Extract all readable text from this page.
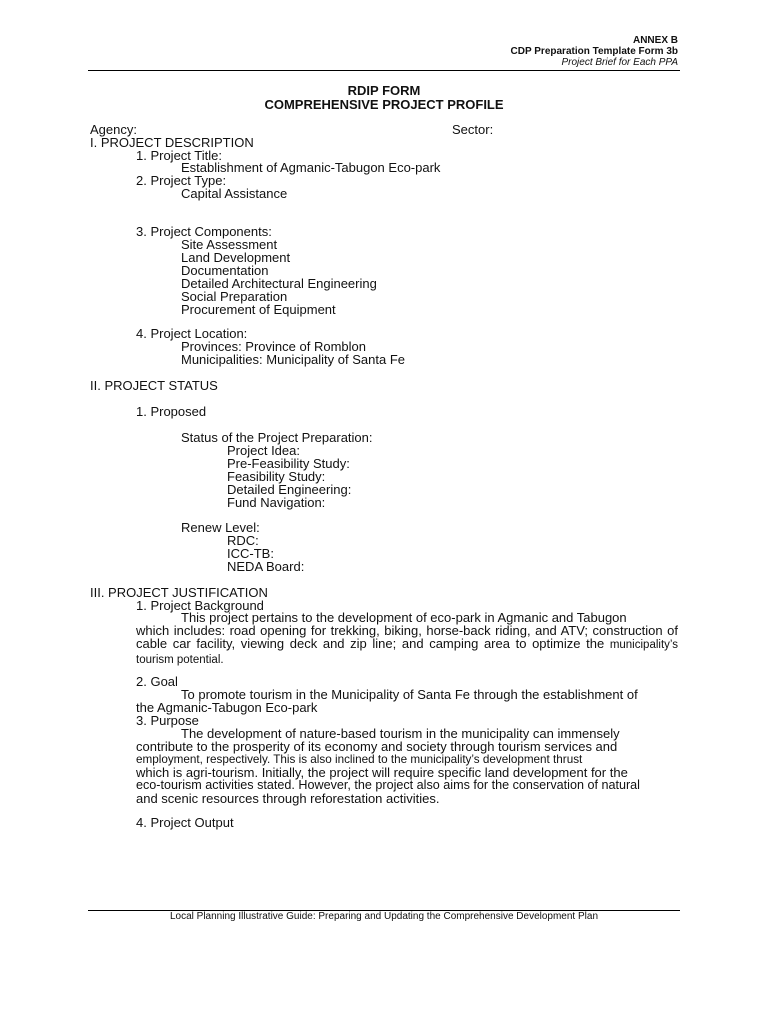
ANNEX B
CDP Preparation Template Form 3b
Project Brief for Each PPA
RDIP FORM
COMPREHENSIVE PROJECT PROFILE
Agency:	Sector:
I. PROJECT DESCRIPTION
1. Project Title:
Establishment of Agmanic-Tabugon Eco-park
2. Project Type:
Capital Assistance
3. Project Components:
Site Assessment
Land Development
Documentation
Detailed Architectural Engineering
Social Preparation
Procurement of Equipment
4. Project Location:
Provinces: Province of Romblon
Municipalities: Municipality of Santa Fe
II. PROJECT STATUS
1. Proposed
Status of the Project Preparation:
Project Idea:
Pre-Feasibility Study:
Feasibility Study:
Detailed Engineering:
Fund Navigation:
Renew Level:
RDC:
ICC-TB:
NEDA Board:
III. PROJECT JUSTIFICATION
1. Project Background
This project pertains to the development of eco-park in Agmanic and Tabugon
which includes: road opening for trekking, biking, horse-back riding, and ATV; construction of cable car facility, viewing deck and zip line; and camping area to optimize the municipality’s tourism potential.
2. Goal
To promote tourism in the Municipality of Santa Fe through the establishment of
the Agmanic-Tabugon Eco-park
3. Purpose
The development of nature-based tourism in the municipality can immensely
contribute to the prosperity of its economy and society through tourism services and
employment, respectively. This is also inclined to the municipality’s development thrust
which is agri-tourism. Initially, the project will require specific land development for the
eco-tourism activities stated. However, the project also aims for the conservation of natural
and scenic resources through reforestation activities.
4. Project Output
Local Planning Illustrative Guide: Preparing and Updating the Comprehensive Development Plan
